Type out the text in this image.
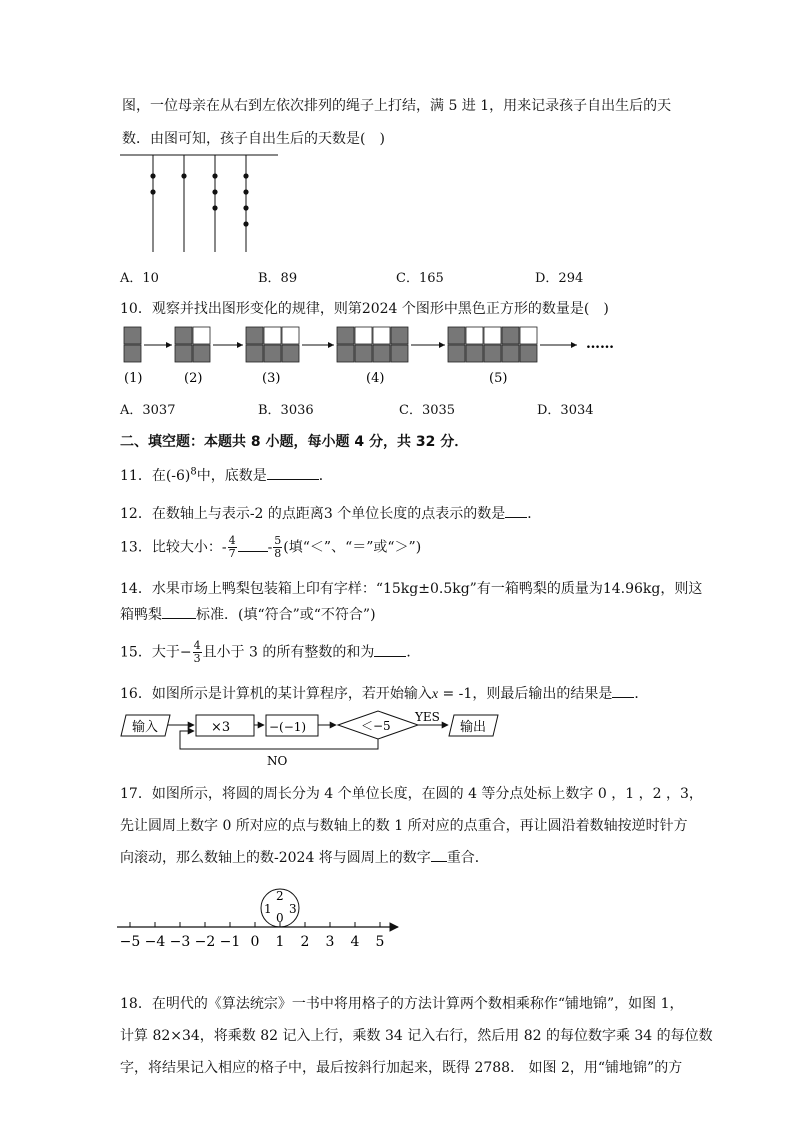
图，一位母亲在从右到左依次排列的绳子上打结，满 5 进 1，用来记录孩子自出生后的天
数．由图可知，孩子自出生后的天数是(　)
A．10	B．89	C．165	D．294
10．观察并找出图形变化的规律，则第2024 个图形中黑色正方形的数量是(　)
(1)	(2)	(3)	(4)	(5)
……
A．3037	B．3036	C．3035	D．3034
二、填空题：本题共 8 小题，每小题 4 分，共 32 分．
11．在$(-6)^8$中，底数是	．
12．在数轴上与表示-2 的点距离3 个单位长度的点表示的数是 ．
13．比较大小：- $\frac{4}{7} - \frac{5}{8}$ (填“＜”、“＝”或“＞”)
14．水果市场上鸭梨包装箱上印有字样：“15kg±0.5kg”有一箱鸭梨的质量为14.96kg，则这
箱鸭梨 标准．(填“符合”或“不符合”)
15．大于− $\frac{4}{3}$ 且小于 3 的所有整数的和为 ．
16．如图所示是计算机的某计算程序，若开始输入x = -1，则最后输出的结果是 ．
输入	×3	−(−1)	＜−5
YES
输出
NO
17．如图所示，将圆的周长分为 4 个单位长度，在圆的 4 等分点处标上数字 0 ，1 ，2 ，3，
先让圆周上数字 0 所对应的点与数轴上的数 1 所对应的点重合，再让圆沿着数轴按逆时针方
向滚动，那么数轴上的数-2024 将与圆周上的数字 重合．
−5 −4 −3 −2 −1 0 1 2 3 4 5
2
1 3
0
18．在明代的《算法统宗》一书中将用格子的方法计算两个数相乘称作“铺地锦”，如图 1，
计算 82×34，将乘数 82 记入上行，乘数 34 记入右行，然后用 82 的每位数字乘 34 的每位数
字，将结果记入相应的格子中，最后按斜行加起来，既得 2788． 如图 2，用“铺地锦”的方
